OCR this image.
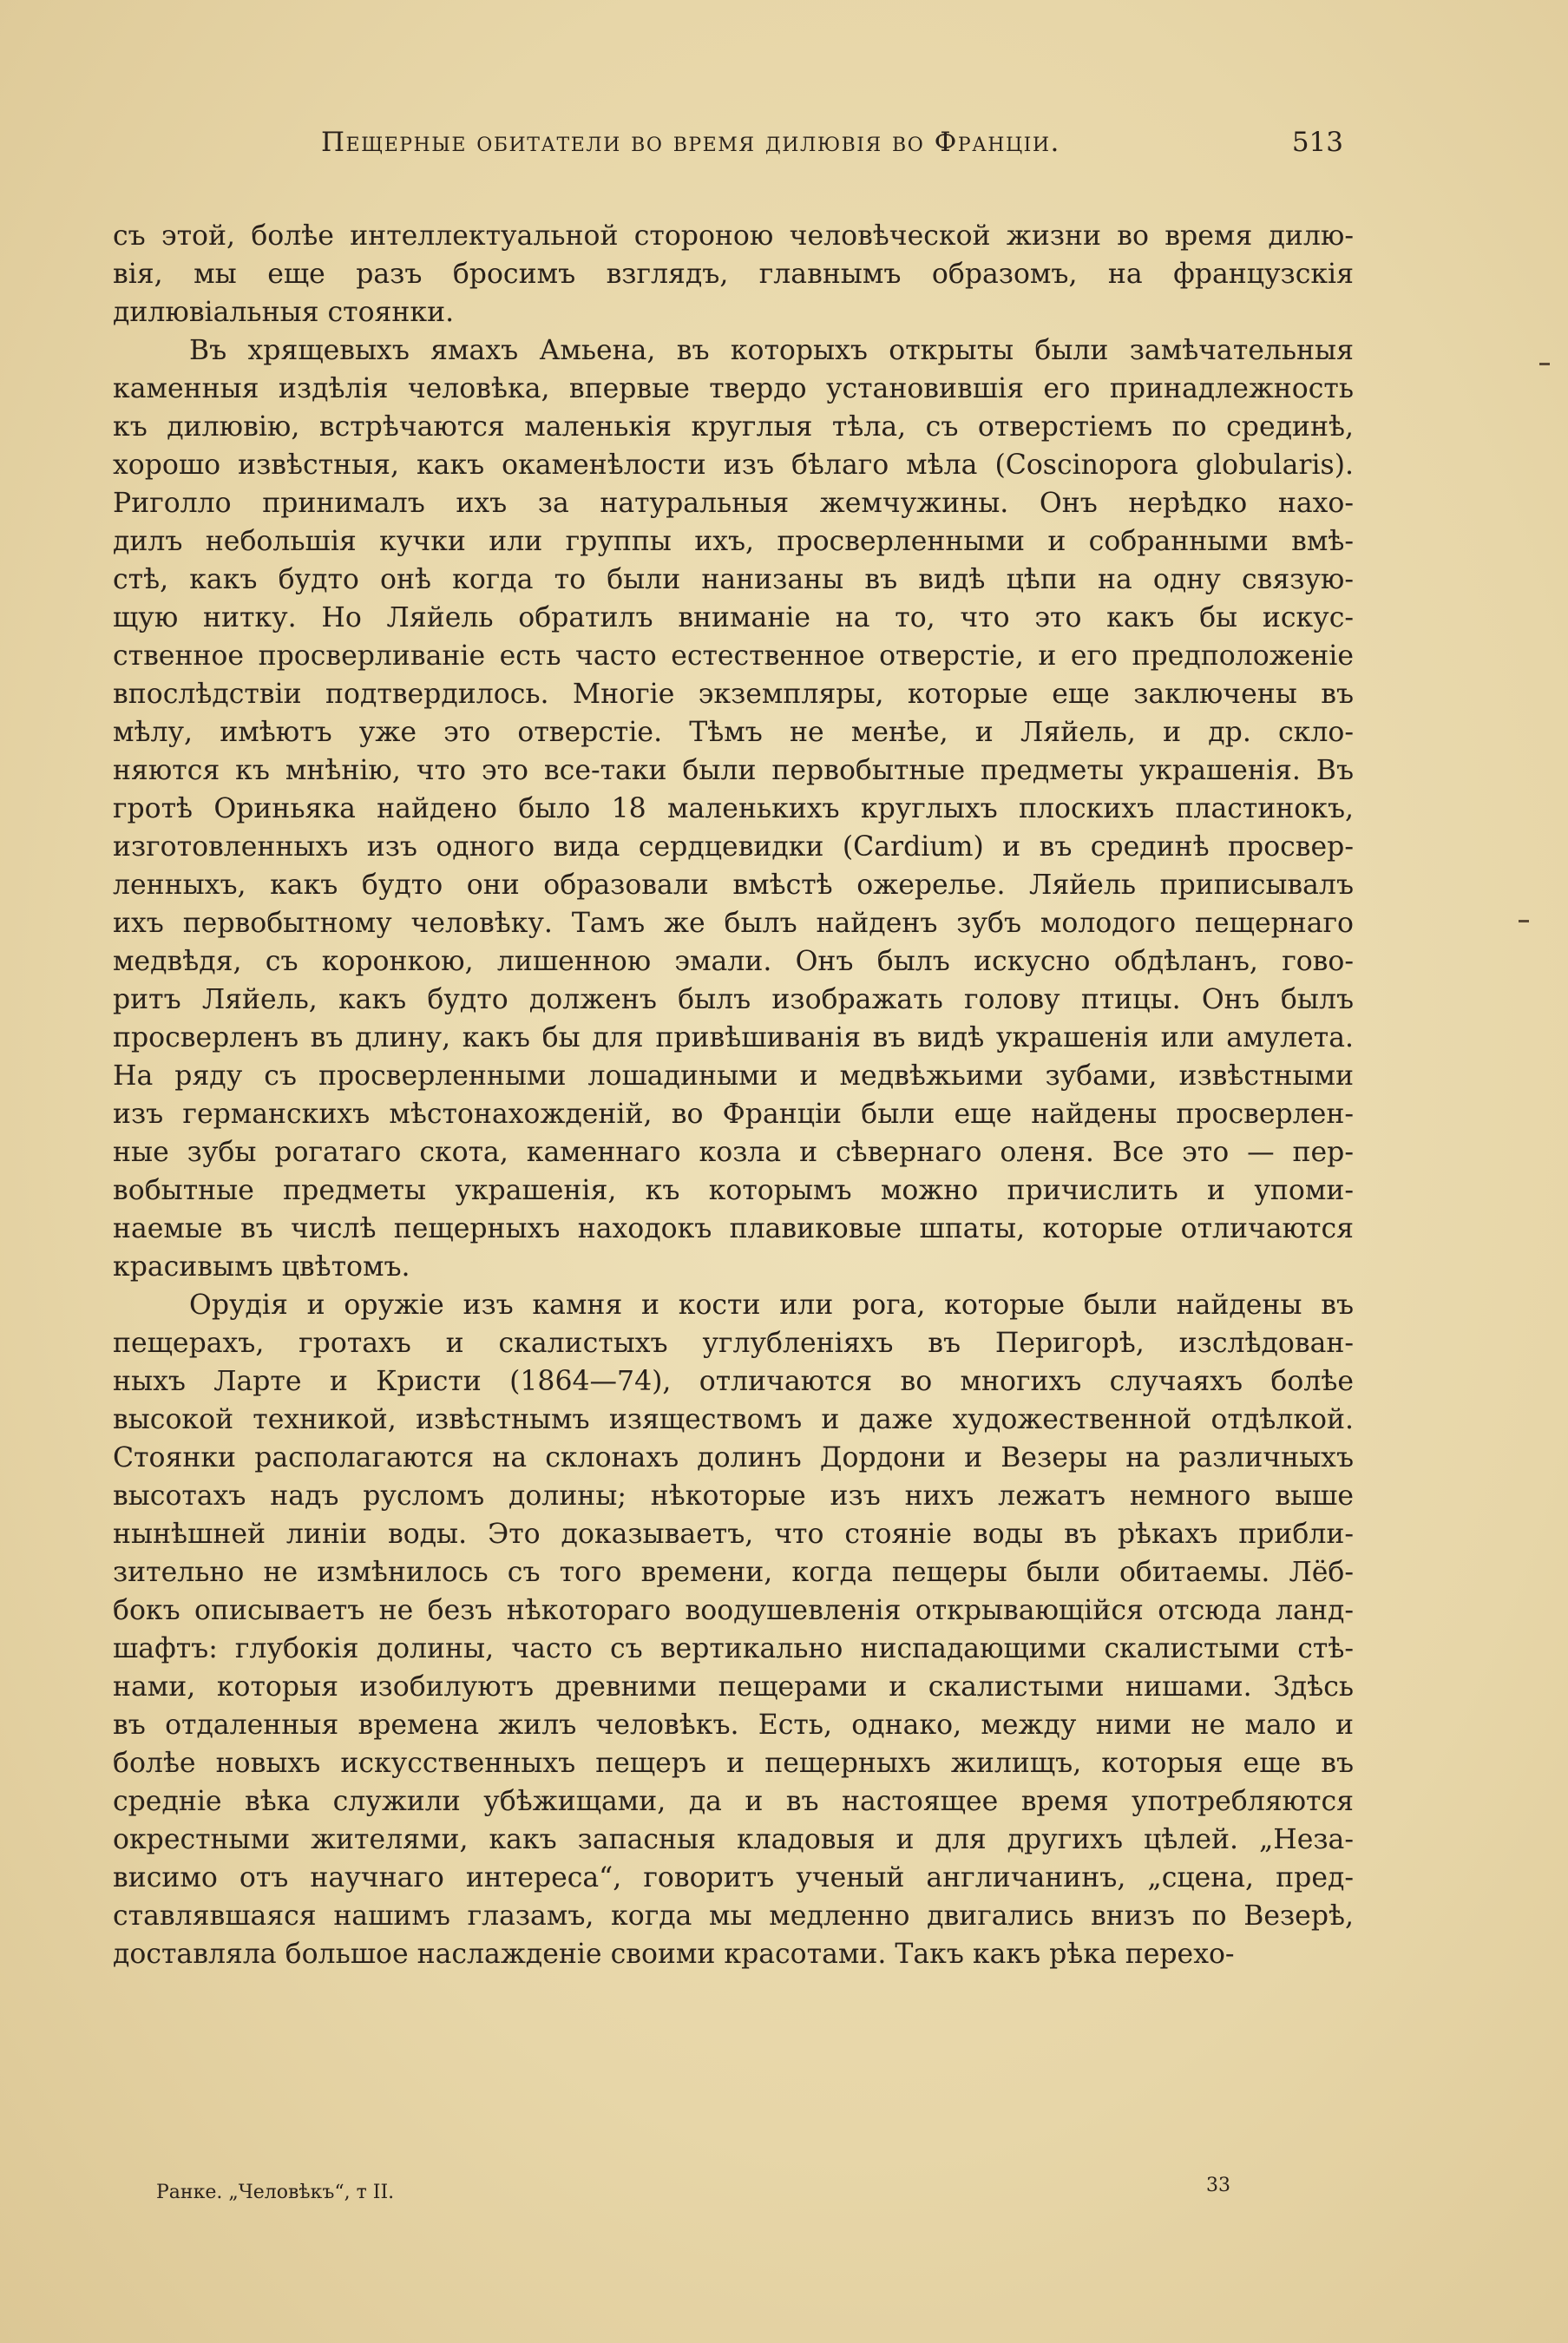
Пещерные обитатели во время дилювія во Франціи.	513
съ этой, болѣе интеллектуальной стороною человѣческой жизни во время дилю-
вія, мы еще разъ бросимъ взглядъ, главнымъ образомъ, на французскія
дилювіальныя стоянки.
Въ хрящевыхъ ямахъ Амьена, въ которыхъ открыты были замѣчательныя
каменныя издѣлія человѣка, впервые твердо установившія его принадлежность
къ дилювію, встрѣчаются маленькія круглыя тѣла, съ отверстіемъ по срединѣ,
хорошо извѣстныя, какъ окаменѣлости изъ бѣлаго мѣла (Coscinopora globularis).
Риголло принималъ ихъ за натуральныя жемчужины. Онъ нерѣдко нахо-
дилъ небольшія кучки или группы ихъ, просверленными и собранными вмѣ-
стѣ, какъ будто онѣ когда то были нанизаны въ видѣ цѣпи на одну связую-
щую нитку. Но Ляйель обратилъ вниманіе на то, что это какъ бы искус-
ственное просверливаніе есть часто естественное отверстіе, и его предположеніе
впослѣдствіи подтвердилось. Многіе экземпляры, которые еще заключены въ
мѣлу, имѣютъ уже это отверстіе. Тѣмъ не менѣе, и Ляйель, и др. скло-
няются къ мнѣнію, что это все-таки были первобытные предметы украшенія. Въ
гротѣ Ориньяка найдено было 18 маленькихъ круглыхъ плоскихъ пластинокъ,
изготовленныхъ изъ одного вида сердцевидки (Cardium) и въ срединѣ просвер-
ленныхъ, какъ будто они образовали вмѣстѣ ожерелье. Ляйель приписывалъ
ихъ первобытному человѣку. Тамъ же былъ найденъ зубъ молодого пещернаго
медвѣдя, съ коронкою, лишенною эмали. Онъ былъ искусно обдѣланъ, гово-
ритъ Ляйель, какъ будто долженъ былъ изображать голову птицы. Онъ былъ
просверленъ въ длину, какъ бы для привѣшиванія въ видѣ украшенія или амулета.
На ряду съ просверленными лошадиными и медвѣжьими зубами, извѣстными
изъ германскихъ мѣстонахожденій, во Франціи были еще найдены просверлен-
ные зубы рогатаго скота, каменнаго козла и сѣвернаго оленя. Все это — пер-
вобытные предметы украшенія, къ которымъ можно причислить и упоми-
наемые въ числѣ пещерныхъ находокъ плавиковые шпаты, которые отличаются
красивымъ цвѣтомъ.
Орудія и оружіе изъ камня и кости или рога, которые были найдены въ
пещерахъ, гротахъ и скалистыхъ углубленіяхъ въ Перигорѣ, изслѣдован-
ныхъ Ларте и Кристи (1864—74), отличаются во многихъ случаяхъ болѣе
высокой техникой, извѣстнымъ изяществомъ и даже художественной отдѣлкой.
Стоянки располагаются на склонахъ долинъ Дордони и Везеры на различныхъ
высотахъ надъ русломъ долины; нѣкоторые изъ нихъ лежатъ немного выше
нынѣшней линіи воды. Это доказываетъ, что стояніе воды въ рѣкахъ прибли-
зительно не измѣнилось съ того времени, когда пещеры были обитаемы. Лёб-
бокъ описываетъ не безъ нѣкотораго воодушевленія открывающійся отсюда ланд-
шафтъ: глубокія долины, часто съ вертикально ниспадающими скалистыми стѣ-
нами, которыя изобилуютъ древними пещерами и скалистыми нишами. Здѣсь
въ отдаленныя времена жилъ человѣкъ. Есть, однако, между ними не мало и
болѣе новыхъ искусственныхъ пещеръ и пещерныхъ жилищъ, которыя еще въ
средніе вѣка служили убѣжищами, да и въ настоящее время употребляются
окрестными жителями, какъ запасныя кладовыя и для другихъ цѣлей. „Неза-
висимо отъ научнаго интереса“, говоритъ ученый англичанинъ, „сцена, пред-
ставлявшаяся нашимъ глазамъ, когда мы медленно двигались внизъ по Везерѣ,
доставляла большое наслажденіе своими красотами. Такъ какъ рѣка перехо-
Ранке. „Человѣкъ“, т II.	33
